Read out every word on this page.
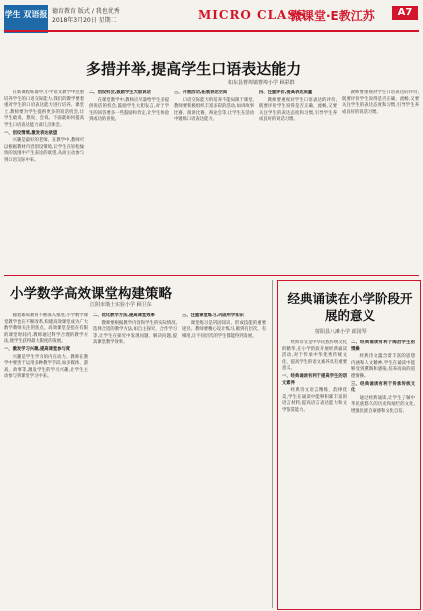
学生 双语报 德育教育 版式 / 我也优秀
2018年3月20日 星期二	MICRO CLASS
微课堂·E教江苏	A7
多措并举,提高学生口语表达能力
如东县曹埠镇曹埠小学 顾彩群

在新课程标准中,小学语文教学中注重培养学生的口语交际能力,我们的教学要着重对学生的口语表达能力进行培养。课堂上,教师要为学生提供更多的说话机会,让学生敢说、想说、会说。下面就如何提高学生口语表达能力谈几点体会。

一、创设情境,激发表达欲望

兴趣是最好的老师。在教学中,教师可以根据教材内容创设情境,让学生在轻松愉快的氛围中产生表达的欲望,从而主动参与到口语交际中来。

二、创设机会,鼓励学生大胆说话

在课堂教学中,教师应尽量给学生多提供说话的机会,鼓励学生大胆发言,对于学生的回答要多一些鼓励和肯定,让学生体验到成功的喜悦。

三、开展活动,拓展表达空间

口语交际能力的培养不能局限于课堂,教师要积极组织丰富多彩的活动,如讲故事比赛、演讲比赛、辩论会等,让学生在活动中锻炼口语表达能力。

四、注重评价,提高表达质量

教师要重视对学生口语表达的评价,既要评价学生说得是否正确、流畅,又要关注学生的表达态度和习惯,引导学生养成良好的说话习惯。

教师要重视对学生口语表达的评价,既要评价学生说得是否正确、流畅,又要关注学生的表达态度和习惯,引导学生养成良好的说话习惯。

小学数学高效课堂构建策略
江阴市璜土实验小学 顾卫东

随着素质教育不断深入推进,小学数学课堂教学也在不断改革,构建高效课堂成为广大数学教师关注的焦点。高效课堂是指在有限的课堂时间内,教师通过科学合理的教学方法,使学生获得最大限度的发展。

一、激发学习兴趣,提高课堂参与度

兴趣是学生学习的内在动力。教师在教学中要善于运用多种教学手段,如多媒体、游戏、故事等,激发学生的学习兴趣,让学生主动参与到课堂学习中来。

二、优化教学方法,提高课堂效率

教师要根据教学内容和学生的实际情况,选择合适的教学方法,如自主探究、合作学习等,让学生在探究中发现问题、解决问题,提高课堂教学效率。

三、注重课堂练习,巩固所学知识

课堂练习是巩固知识、形成技能的重要途径。教师要精心设计练习,做到有层次、有梯度,让不同层次的学生都能得到发展。

经典诵读在小学阶段开展的意义
射阳县八滩小学 邱国琴

经典诗文是中华民族传统文化的精华,在小学阶段开展经典诵读活动,对于传承中华优秀传统文化、提高学生的语文素养具有重要意义。

一、经典诵读有利于提高学生的语文素养

经典诗文语言精练、韵律优美,学生在诵读中能够积累丰富的语言材料,提高语言表达能力和文学鉴赏能力。

二、经典诵读有利于陶冶学生的情操

经典诗文蕴含着丰富的思想内涵和人文精神,学生在诵读中能够受到熏陶和感染,培养高尚的道德情操。

三、经典诵读有利于传承传统文化

通过经典诵读,让学生了解中华民族悠久的历史和灿烂的文化,增强民族自豪感和文化自信。
